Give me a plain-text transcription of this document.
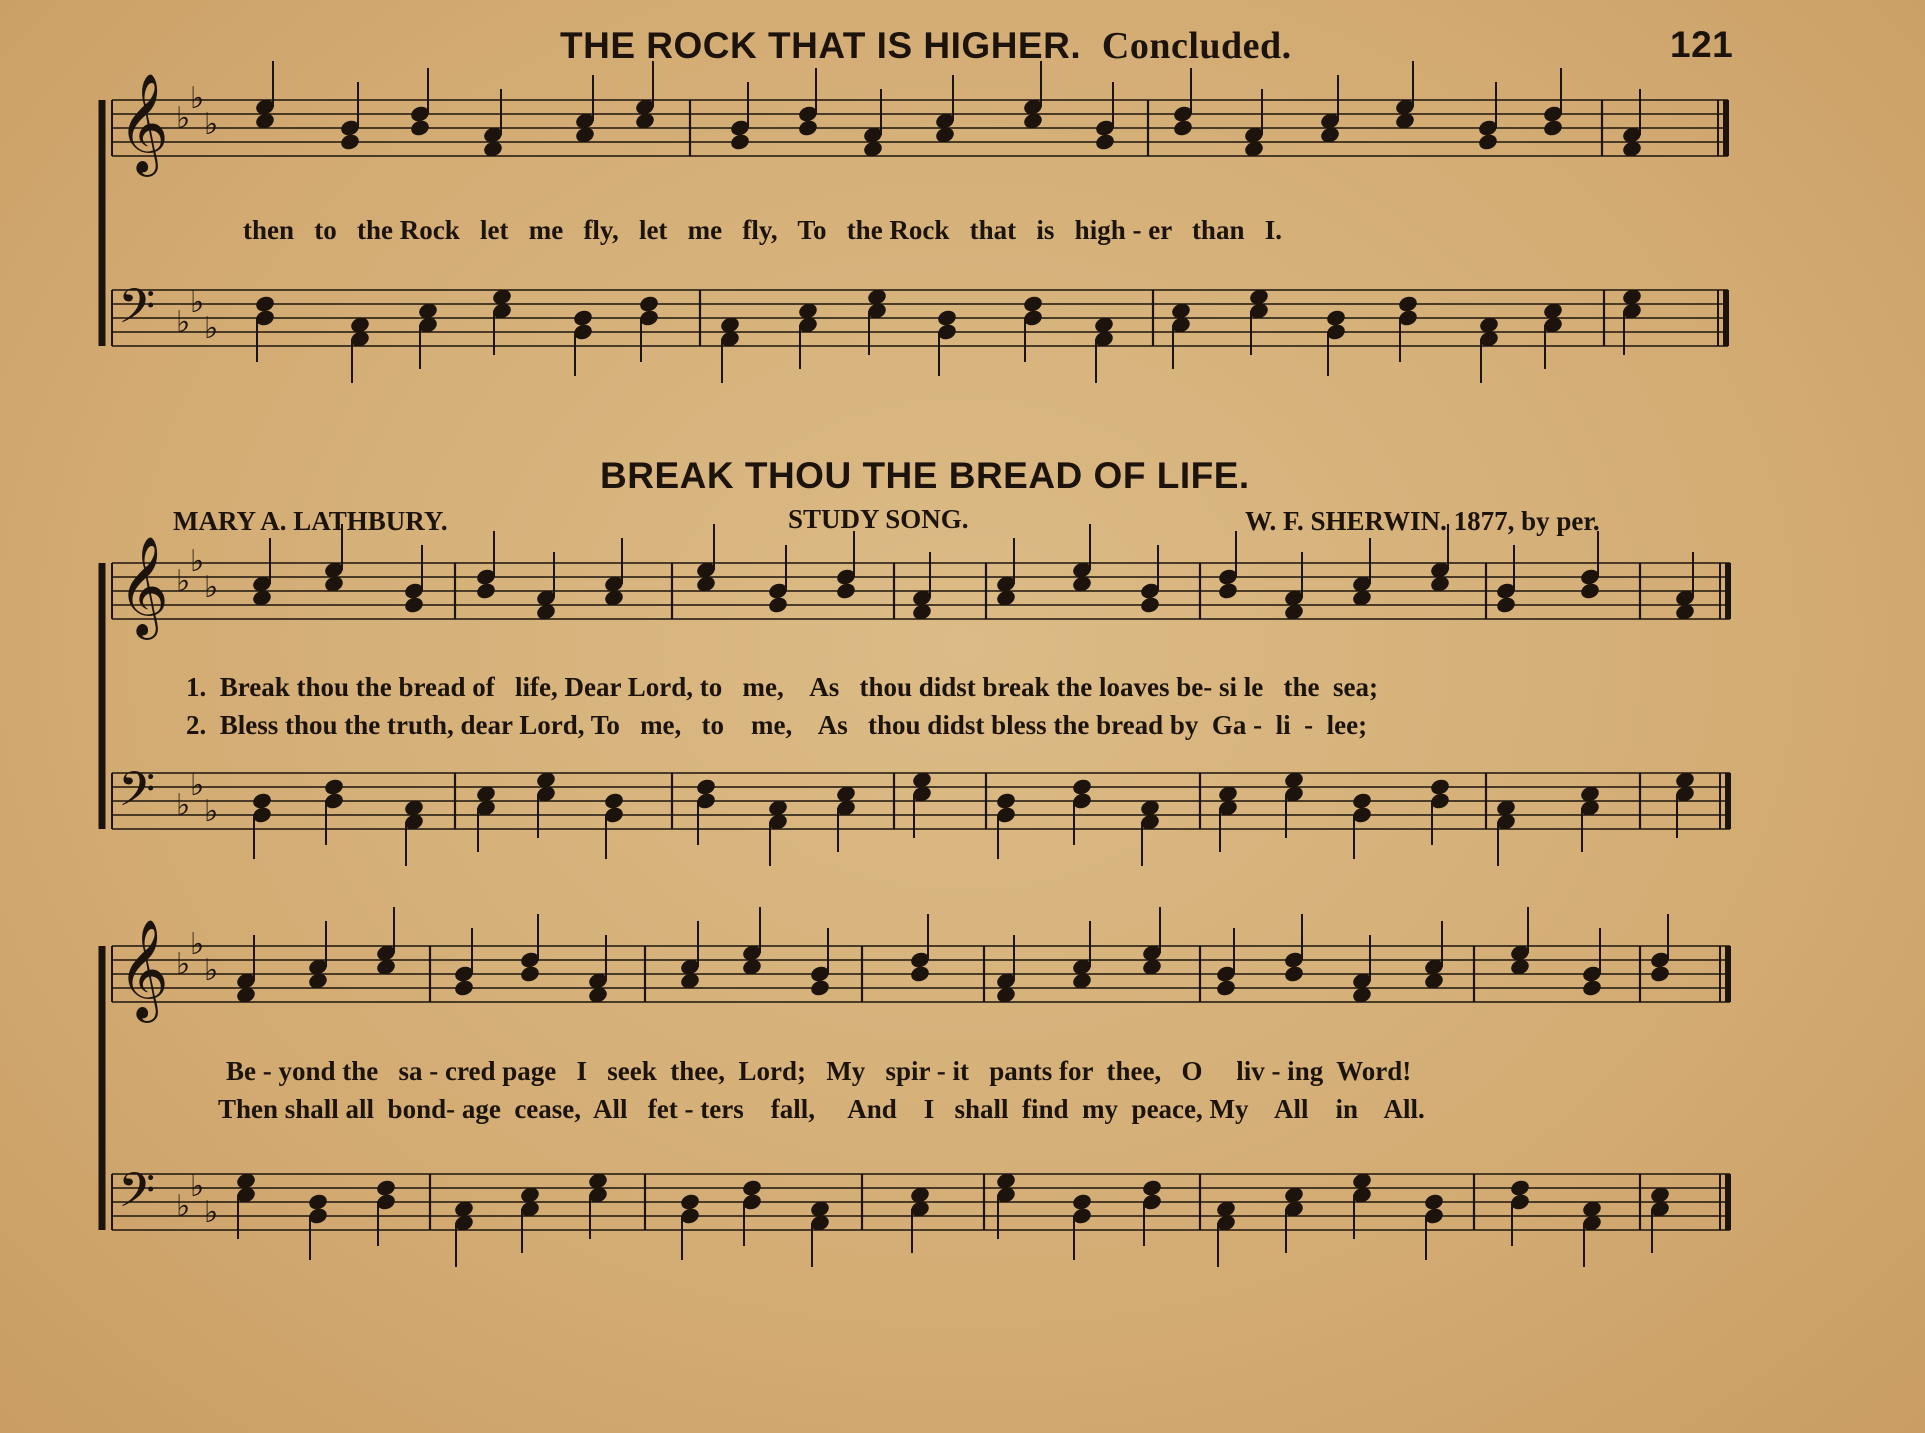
THE ROCK THAT IS HIGHER. Concluded.	121
BREAK THOU THE BREAD OF LIFE.
MARY A. LATHBURY.	STUDY SONG.	W. F. SHERWIN. 1877, by per.
then   to   the Rock   let   me   fly,   let   me   fly,   To   the Rock   that   is   high - er   than   I.
1.  Break thou the bread of   life, Dear Lord, to   me,    As   thou didst break the loaves be- si le   the  sea;
2.  Bless thou the truth, dear Lord, To   me,   to    me,    As   thou didst bless the bread by  Ga -  li  -  lee;
Be - yond the   sa - cred page   I   seek  thee,  Lord;   My   spir - it   pants for  thee,   O     liv - ing  Word!
Then shall all  bond- age  cease,  All   fet - ters    fall,     And    I   shall  find  my  peace, My    All    in    All.
𝄞 ♭
♭
♭
𝄢 ♭
♭
♭
𝄞 ♭
♭
♭
𝄢 ♭
♭
♭
𝄞 ♭
♭
♭
𝄢 ♭
♭
♭
